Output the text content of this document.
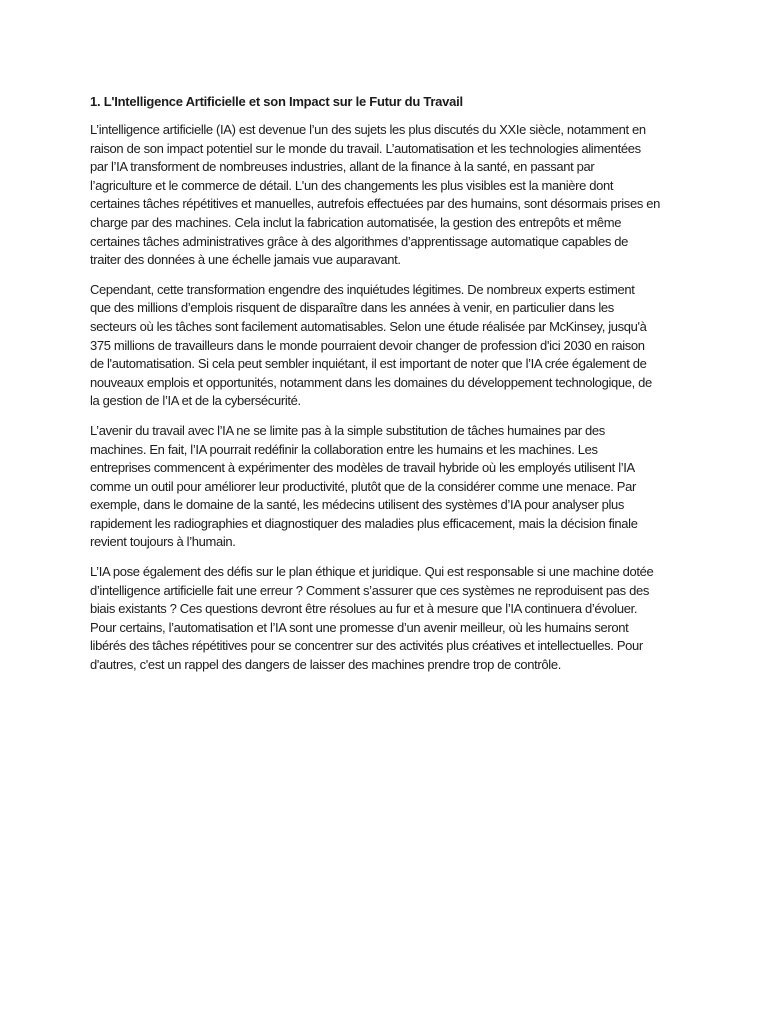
1. L'Intelligence Artificielle et son Impact sur le Futur du Travail

L’intelligence artificielle (IA) est devenue l’un des sujets les plus discutés du XXIe siècle, notamment en
raison de son impact potentiel sur le monde du travail. L’automatisation et les technologies alimentées
par l’IA transforment de nombreuses industries, allant de la finance à la santé, en passant par
l’agriculture et le commerce de détail. L'un des changements les plus visibles est la manière dont
certaines tâches répétitives et manuelles, autrefois effectuées par des humains, sont désormais prises en
charge par des machines. Cela inclut la fabrication automatisée, la gestion des entrepôts et même
certaines tâches administratives grâce à des algorithmes d’apprentissage automatique capables de
traiter des données à une échelle jamais vue auparavant.

Cependant, cette transformation engendre des inquiétudes légitimes. De nombreux experts estiment
que des millions d’emplois risquent de disparaître dans les années à venir, en particulier dans les
secteurs où les tâches sont facilement automatisables. Selon une étude réalisée par McKinsey, jusqu'à
375 millions de travailleurs dans le monde pourraient devoir changer de profession d'ici 2030 en raison
de l'automatisation. Si cela peut sembler inquiétant, il est important de noter que l’IA crée également de
nouveaux emplois et opportunités, notamment dans les domaines du développement technologique, de
la gestion de l’IA et de la cybersécurité.

L’avenir du travail avec l’IA ne se limite pas à la simple substitution de tâches humaines par des
machines. En fait, l’IA pourrait redéfinir la collaboration entre les humains et les machines. Les
entreprises commencent à expérimenter des modèles de travail hybride où les employés utilisent l’IA
comme un outil pour améliorer leur productivité, plutôt que de la considérer comme une menace. Par
exemple, dans le domaine de la santé, les médecins utilisent des systèmes d’IA pour analyser plus
rapidement les radiographies et diagnostiquer des maladies plus efficacement, mais la décision finale
revient toujours à l’humain.

L’IA pose également des défis sur le plan éthique et juridique. Qui est responsable si une machine dotée
d’intelligence artificielle fait une erreur ? Comment s’assurer que ces systèmes ne reproduisent pas des
biais existants ? Ces questions devront être résolues au fur et à mesure que l’IA continuera d’évoluer.
Pour certains, l’automatisation et l’IA sont une promesse d’un avenir meilleur, où les humains seront
libérés des tâches répétitives pour se concentrer sur des activités plus créatives et intellectuelles. Pour
d'autres, c'est un rappel des dangers de laisser des machines prendre trop de contrôle.
